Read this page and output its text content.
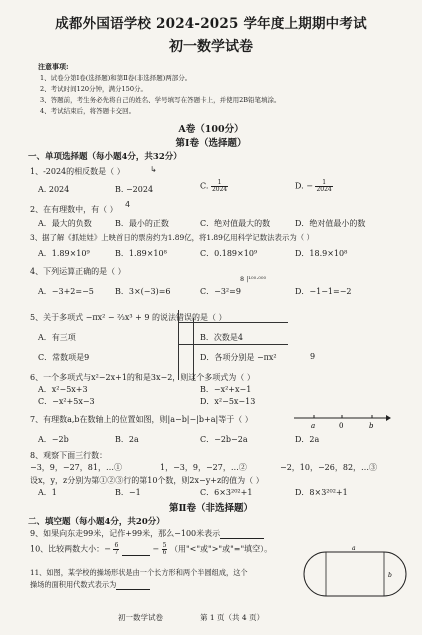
成都外国语学校 2024-2025 学年度上期期中考试
初一数学试卷
注意事项:
1、试卷分第Ⅰ卷(选择题)和第Ⅱ卷(非选择题)两部分。
2、考试时间120分钟，满分150分。
3、答题前，考生务必先将自己的姓名、学号填写在答题卡上，并使用2B铅笔填涂。
4、考试结束后，将答题卡交回。
A卷（100分）
第Ⅰ卷（选择题）
一、单项选择题（每小题4分，共32分）
1、-2024的相反数是（ ）	↳
A. 2024	B. −2024	C. $\frac{1}{2024}$	D. − $\frac{1}{2024}$
2、在有理数中，有（ ）
4
A．最大的负数	B．最小的正数	C．绝对值最大的数	D．绝对值最小的数
3、据了解《抓娃娃》上映首日的票房约为1.89亿，将1.89亿用科学记数法表示为（ ）
A．1.89×10⁹	B．1.89×10⁸	C．0.189×10⁹	D．18.9×10⁸
4、下列运算正确的是（ ）
8 |¹⁰⁰·⁰⁰⁰
A．−3+2=−5	B．3×(−3)=6	C．−3²=9	D．−1−1=−2
5、关于多项式 −πx² − ⅔x³ + 9 的说法错误的是（ ）
A．有三项	B．次数是4
C．常数项是9	D．各项分别是 −πx²	9
6、一个多项式与x²−2x+1的和是3x−2，则这个多项式为（ ）
A．x²−5x+3	B．−x²+x−1
C．−x²+5x−3	D．x²−5x−13
7、有理数a,b在数轴上的位置如图，则|a−b|−|b+a|等于（ ）
a	0	b
A．−2b	B．2a	C．−2b−2a	D．2a
8、观察下面三行数：
−3，9，−27，81，…①	1，−3，9，−27，…②	−2，10，−26，82，…③
设x，y，z分别为第①②③行的第10个数，则2x−y+z的值为（ ）
A．1	B．−1	C．6×3²⁰²+1	D．8×3²⁰²+1
第Ⅱ卷（非选择题）
二、填空题（每小题4分，共20分）
9、如果向东走99米，记作+99米，那么−100米表示
10、比较两数大小：− $\frac{6}{7}$	− $\frac{5}{6}$ （用"<"或">"或"="填空）。
11、如图，某学校的操场形状是由一个长方形和两个半圆组成，这个
操场的面积用代数式表示为
a
b
初一数学试卷	第 1 页（共 4 页）
